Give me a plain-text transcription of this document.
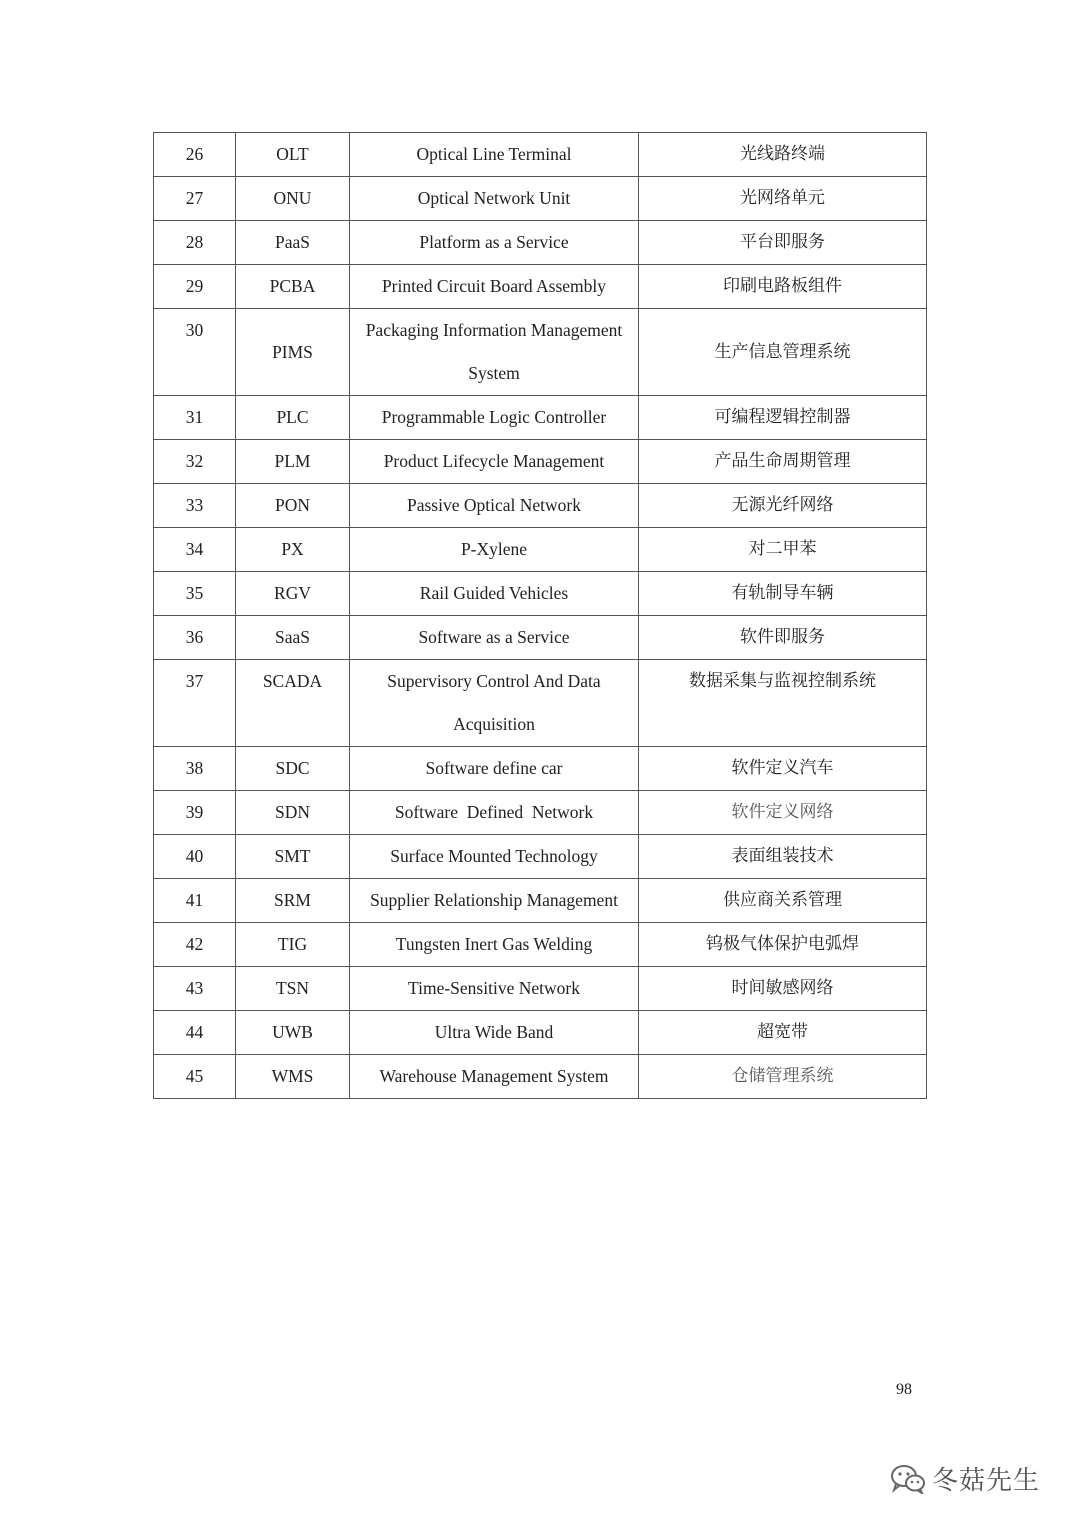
26	OLT	Optical Line Terminal	光线路终端
27	ONU	Optical Network Unit	光网络单元
28	PaaS	Platform as a Service	平台即服务
29	PCBA	Printed Circuit Board Assembly	印刷电路板组件
30	PIMS	Packaging Information Management System	生产信息管理系统
31	PLC	Programmable Logic Controller	可编程逻辑控制器
32	PLM	Product Lifecycle Management	产品生命周期管理
33	PON	Passive Optical Network	无源光纤网络
34	PX	P-Xylene	对二甲苯
35	RGV	Rail Guided Vehicles	有轨制导车辆
36	SaaS	Software as a Service	软件即服务
37	SCADA	Supervisory Control And Data Acquisition	数据采集与监视控制系统
38	SDC	Software define car	软件定义汽车
39	SDN	Software  Defined  Network	软件定义网络
40	SMT	Surface Mounted Technology	表面组装技术
41	SRM	Supplier Relationship Management	供应商关系管理
42	TIG	Tungsten Inert Gas Welding	钨极气体保护电弧焊
43	TSN	Time-Sensitive Network	时间敏感网络
44	UWB	Ultra Wide Band	超宽带
45	WMS	Warehouse Management System	仓储管理系统
98
冬菇先生
